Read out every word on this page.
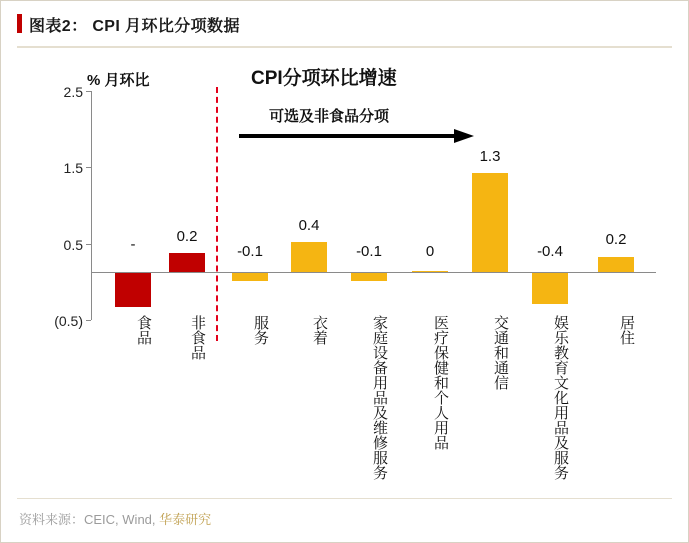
图表2： CPI 月环比分项数据
% 月环比	CPI分项环比增速
2.5
1.5
0.5
(0.5)
可选及非食品分项
-
食品
0.2
非食品
-0.1
服务
0.4
衣着
-0.1
家庭设备用品及维修服务
0
医疗保健和个人用品
1.3
交通和通信
-0.4
娱乐教育文化用品及服务
0.2
居住
资料来源：CEIC, Wind, 华泰研究
